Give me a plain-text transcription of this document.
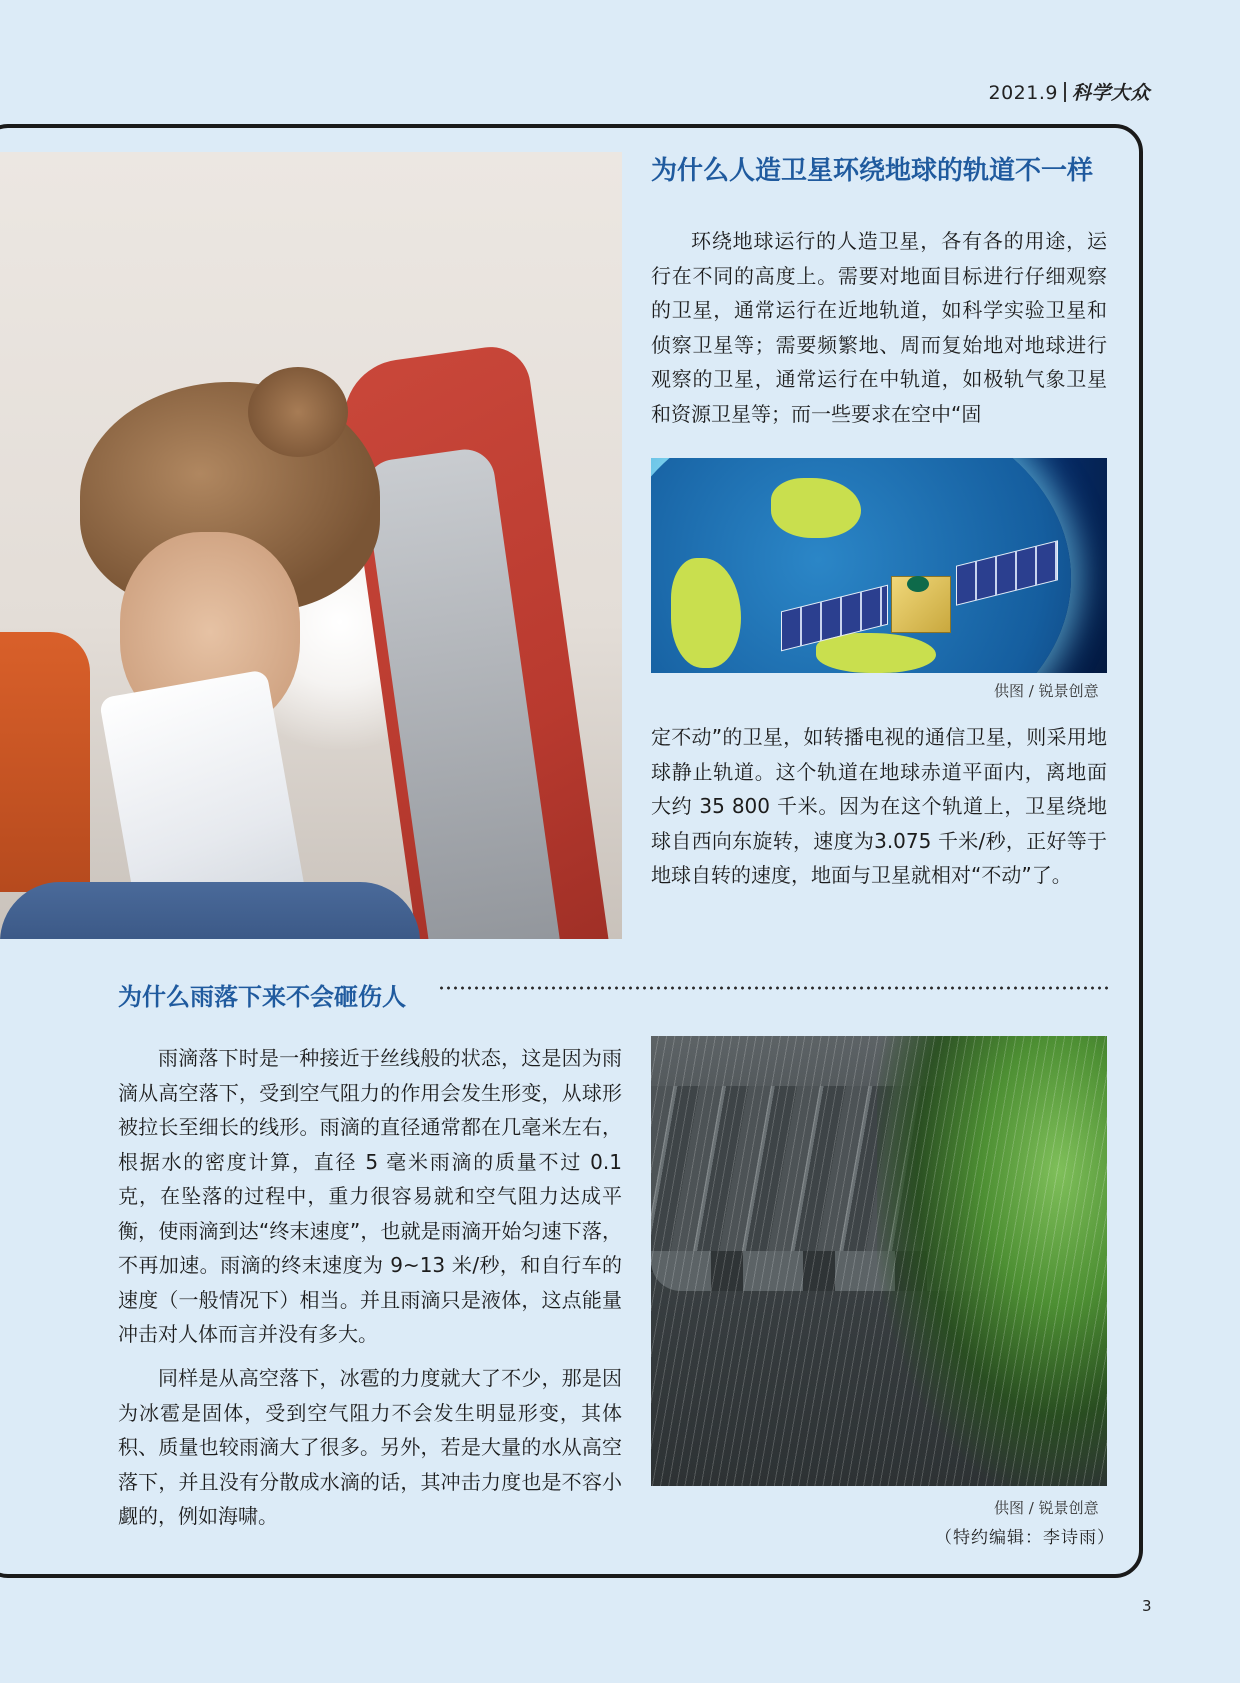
2021.9 科学大众
为什么人造卫星环绕地球的轨道不一样

环绕地球运行的人造卫星，各有各的用途，运行在不同的高度上。需要对地面目标进行仔细观察的卫星，通常运行在近地轨道，如科学实验卫星和侦察卫星等；需要频繁地、周而复始地对地球进行观察的卫星，通常运行在中轨道，如极轨气象卫星和资源卫星等；而一些要求在空中“固

供图 / 锐景创意

定不动”的卫星，如转播电视的通信卫星，则采用地球静止轨道。这个轨道在地球赤道平面内，离地面大约 35 800 千米。因为在这个轨道上，卫星绕地球自西向东旋转，速度为3.075 千米/秒，正好等于地球自转的速度，地面与卫星就相对“不动”了。

为什么雨落下来不会砸伤人

雨滴落下时是一种接近于丝线般的状态，这是因为雨滴从高空落下，受到空气阻力的作用会发生形变，从球形被拉长至细长的线形。雨滴的直径通常都在几毫米左右，根据水的密度计算，直径 5 毫米雨滴的质量不过 0.1 克，在坠落的过程中，重力很容易就和空气阻力达成平衡，使雨滴到达“终末速度”，也就是雨滴开始匀速下落，不再加速。雨滴的终末速度为 9~13 米/秒，和自行车的速度（一般情况下）相当。并且雨滴只是液体，这点能量冲击对人体而言并没有多大。

同样是从高空落下，冰雹的力度就大了不少，那是因为冰雹是固体，受到空气阻力不会发生明显形变，其体积、质量也较雨滴大了很多。另外，若是大量的水从高空落下，并且没有分散成水滴的话，其冲击力度也是不容小觑的，例如海啸。	供图 / 锐景创意

（特约编辑：李诗雨）

3
